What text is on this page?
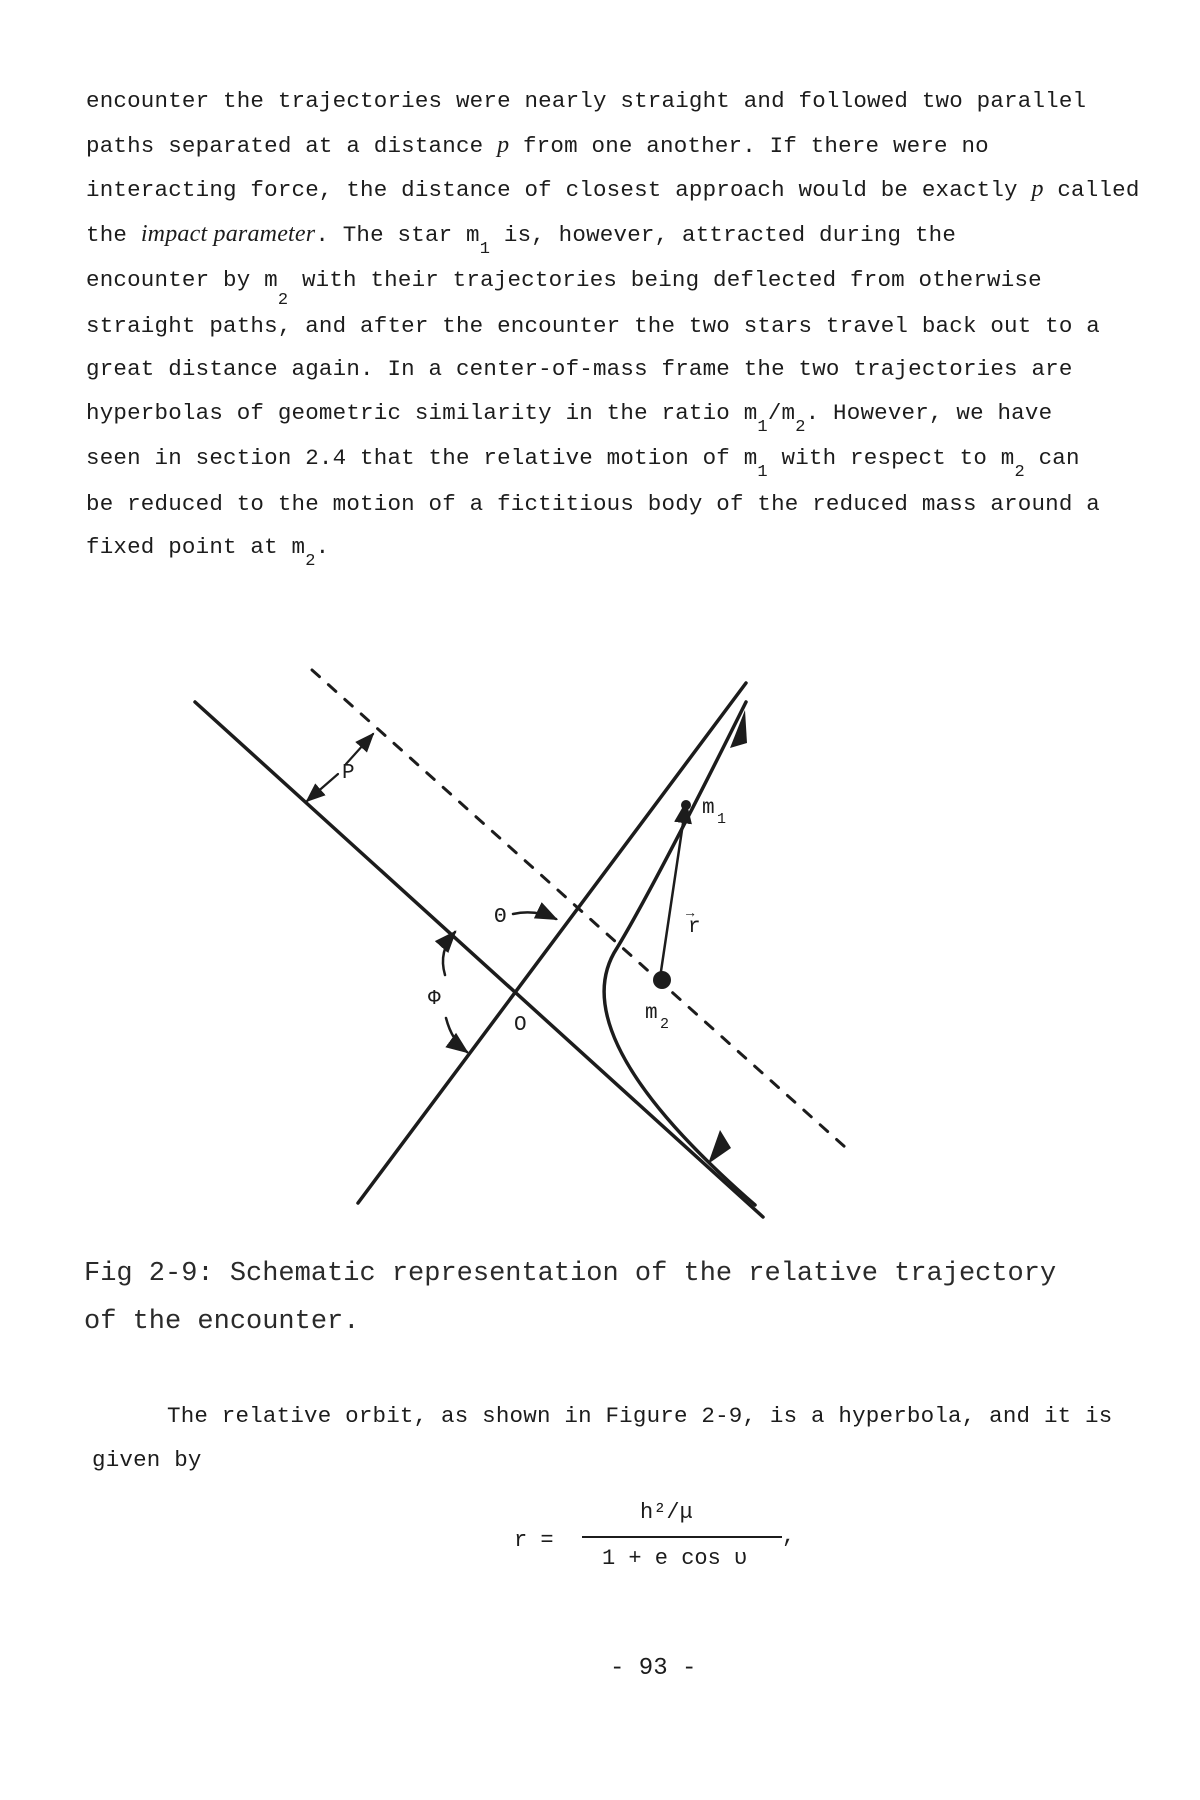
encounter the trajectories were nearly straight and followed two parallel

paths separated at a distance p from one another. If there were no

interacting force, the distance of closest approach would be exactly p called

the impact parameter. The star $m_1$ is, however, attracted during the

encounter by $m_2$ with their trajectories being deflected from otherwise

straight paths, and after the encounter the two stars travel back out to a

great distance again. In a center-of-mass frame the two trajectories are

hyperbolas of geometric similarity in the ratio $m_1/m_2$. However, we have

seen in section 2.4 that the relative motion of $m_1$ with respect to $m_2$ can

be reduced to the motion of a fictitious body of the reduced mass around a

fixed point at $m_2$.

P
m 1
r
→
m 2
Θ
Φ
O

Fig 2-9: Schematic representation of the relative trajectory

of the encounter.

The relative orbit, as shown in Figure 2-9, is a hyperbola, and it is

given by

r =
h²/μ
1 + e cos υ
,
- 93 -
